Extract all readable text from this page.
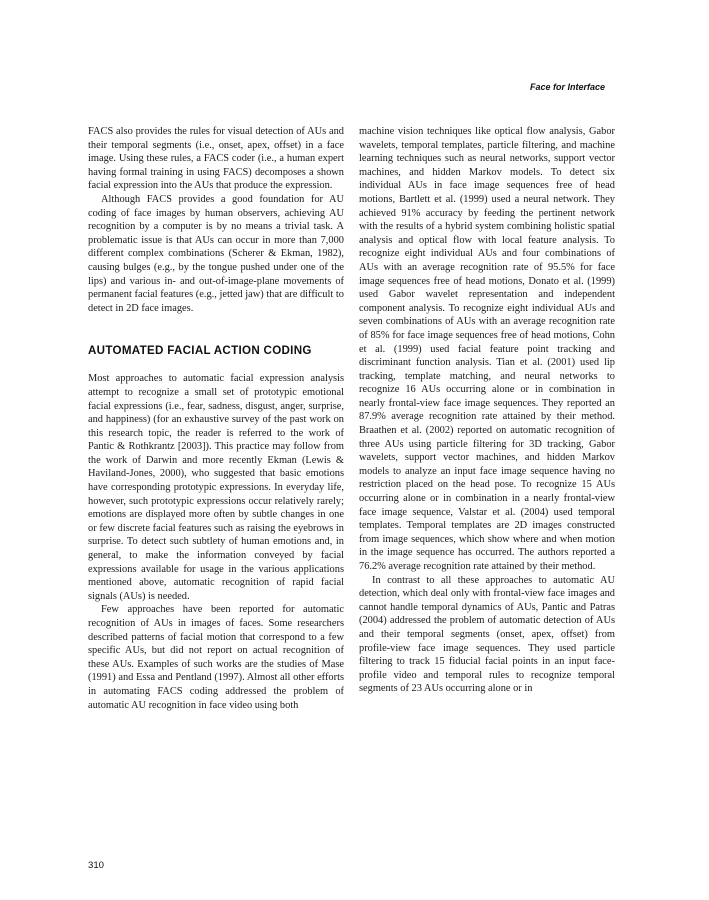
Face for Interface

FACS also provides the rules for visual detection of AUs and their temporal segments (i.e., onset, apex, offset) in a face image. Using these rules, a FACS coder (i.e., a human expert having formal training in using FACS) decomposes a shown facial expression into the AUs that produce the expression.

Although FACS provides a good foundation for AU coding of face images by human observers, achieving AU recognition by a computer is by no means a trivial task. A problematic issue is that AUs can occur in more than 7,000 different complex combinations (Scherer & Ekman, 1982), causing bulges (e.g., by the tongue pushed under one of the lips) and various in- and out-of-image-plane movements of permanent facial features (e.g., jetted jaw) that are difficult to detect in 2D face images.

AUTOMATED FACIAL ACTION CODING

Most approaches to automatic facial expression analysis attempt to recognize a small set of prototypic emotional facial expressions (i.e., fear, sadness, disgust, anger, surprise, and happiness) (for an exhaustive survey of the past work on this research topic, the reader is referred to the work of Pantic & Rothkrantz [2003]). This practice may follow from the work of Darwin and more recently Ekman (Lewis & Haviland-Jones, 2000), who suggested that basic emotions have corresponding prototypic expressions. In everyday life, however, such prototypic expressions occur relatively rarely; emotions are displayed more often by subtle changes in one or few discrete facial features such as raising the eyebrows in surprise. To detect such subtlety of human emotions and, in general, to make the information conveyed by facial expressions available for usage in the various applications mentioned above, automatic recognition of rapid facial signals (AUs) is needed.

Few approaches have been reported for automatic recognition of AUs in images of faces. Some researchers described patterns of facial motion that correspond to a few specific AUs, but did not report on actual recognition of these AUs. Examples of such works are the studies of Mase (1991) and Essa and Pentland (1997). Almost all other efforts in automating FACS coding addressed the problem of automatic AU recognition in face video using both

machine vision techniques like optical flow analysis, Gabor wavelets, temporal templates, particle filtering, and machine learning techniques such as neural networks, support vector machines, and hidden Markov models. To detect six individual AUs in face image sequences free of head motions, Bartlett et al. (1999) used a neural network. They achieved 91% accuracy by feeding the pertinent network with the results of a hybrid system combining holistic spatial analysis and optical flow with local feature analysis. To recognize eight individual AUs and four combinations of AUs with an average recognition rate of 95.5% for face image sequences free of head motions, Donato et al. (1999) used Gabor wavelet representation and independent component analysis. To recognize eight individual AUs and seven combinations of AUs with an average recognition rate of 85% for face image sequences free of head motions, Cohn et al. (1999) used facial feature point tracking and discriminant function analysis. Tian et al. (2001) used lip tracking, template matching, and neural networks to recognize 16 AUs occurring alone or in combination in nearly frontal-view face image sequences. They reported an 87.9% average recognition rate attained by their method. Braathen et al. (2002) reported on automatic recognition of three AUs using particle filtering for 3D tracking, Gabor wavelets, support vector machines, and hidden Markov models to analyze an input face image sequence having no restriction placed on the head pose. To recognize 15 AUs occurring alone or in combination in a nearly frontal-view face image sequence, Valstar et al. (2004) used temporal templates. Temporal templates are 2D images constructed from image sequences, which show where and when motion in the image sequence has occurred. The authors reported a 76.2% average recognition rate attained by their method.

In contrast to all these approaches to automatic AU detection, which deal only with frontal-view face images and cannot handle temporal dynamics of AUs, Pantic and Patras (2004) addressed the problem of automatic detection of AUs and their temporal segments (onset, apex, offset) from profile-view face image sequences. They used particle filtering to track 15 fiducial facial points in an input face-profile video and temporal rules to recognize temporal segments of 23 AUs occurring alone or in

310
